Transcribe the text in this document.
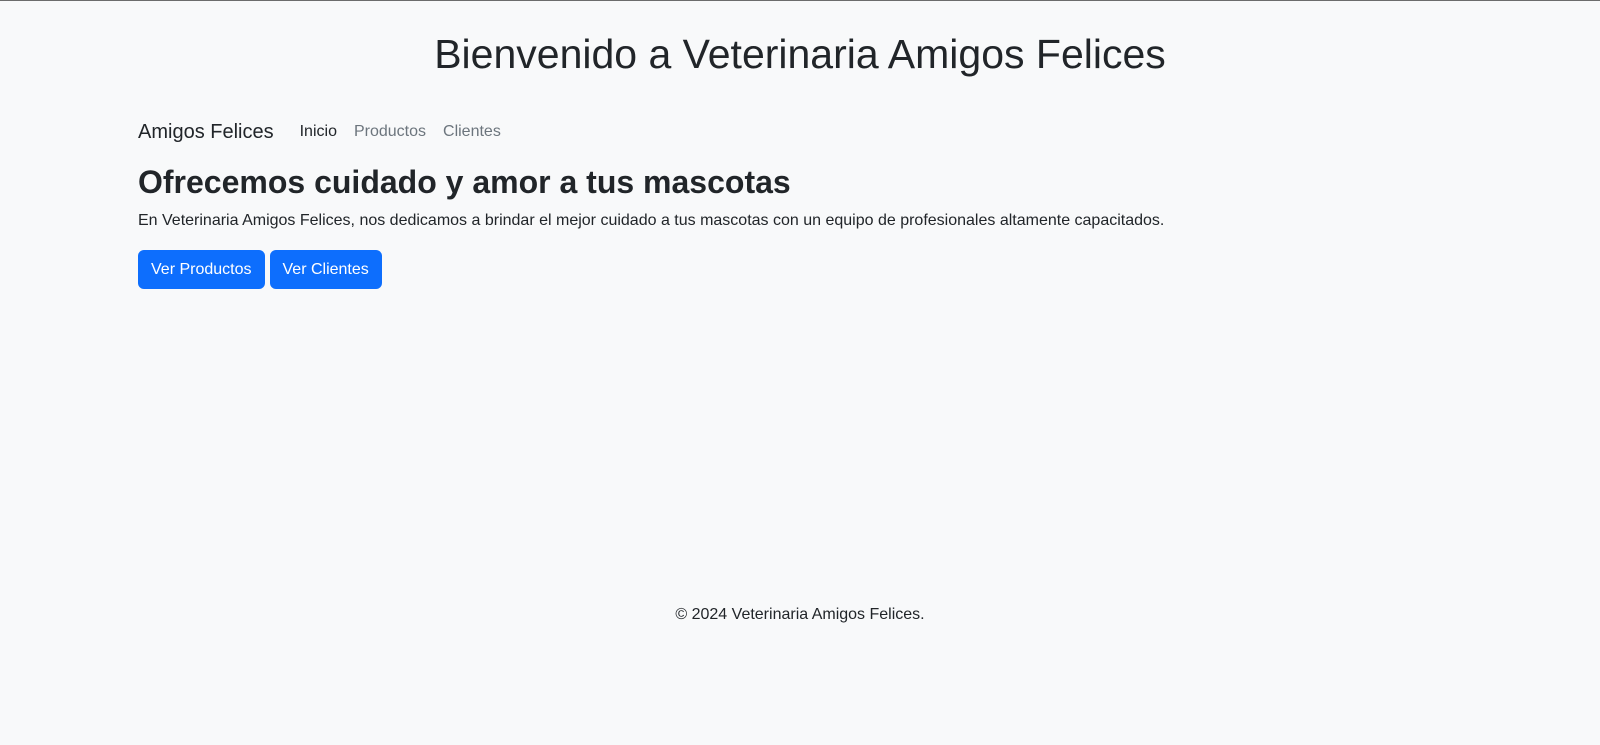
Bienvenido a Veterinaria Amigos Felices
Amigos Felices Inicio Productos Clientes
Ofrecemos cuidado y amor a tus mascotas

En Veterinaria Amigos Felices, nos dedicamos a brindar el mejor cuidado a tus mascotas con un equipo de profesionales altamente capacitados.

Ver Productos	Ver Clientes

© 2024 Veterinaria Amigos Felices.
